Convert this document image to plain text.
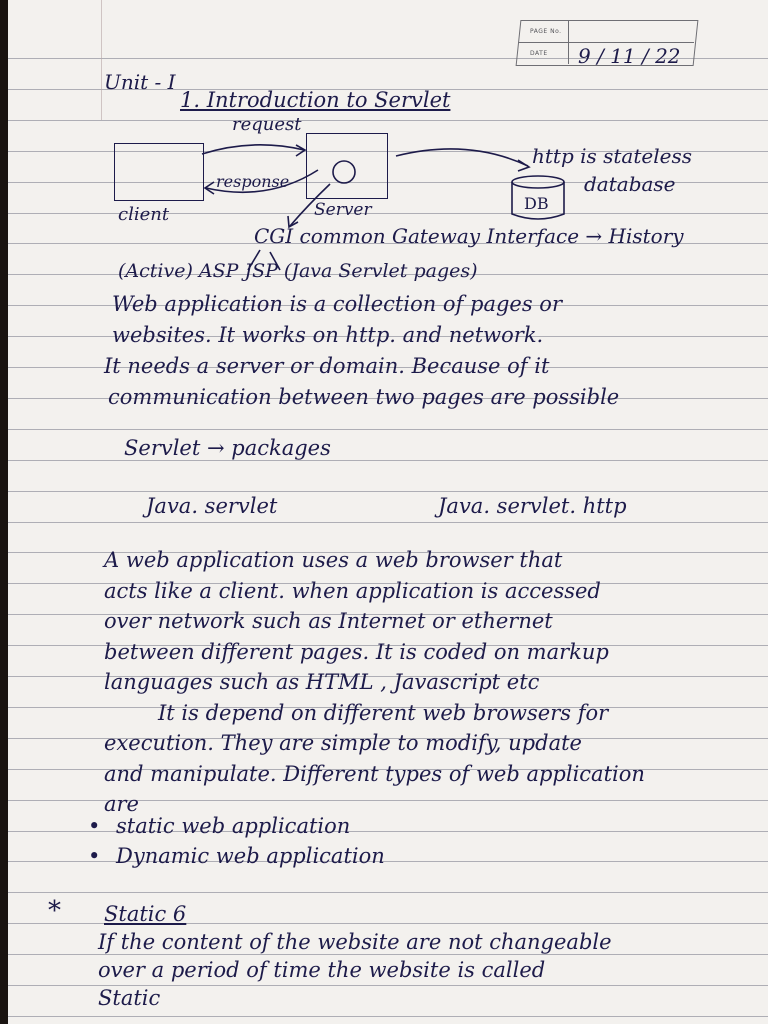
PAGE No.
DATE 9 / 11 / 22
Unit - I
1. Introduction to Servlet
request
response
client	Server
http is stateless
database
DB
CGI common Gateway Interface → History
(Active) ASP JSP (Java Servlet pages)
Web application is a collection of pages or
websites. It works on http. and network.
It needs a server or domain. Because of it
communication between two pages are possible
Servlet → packages
Java. servlet	Java. servlet. http
A web application uses a web browser that
acts like a client. when application is accessed
over network such as Internet or ethernet
between different pages. It is coded on markup
languages such as HTML , Javascript etc
It is depend on different web browsers for
execution. They are simple to modify, update
and manipulate. Different types of web application
are
• static web application
• Dynamic web application
* Static 6
If the content of the website are not changeable
over a period of time the website is called
Static
